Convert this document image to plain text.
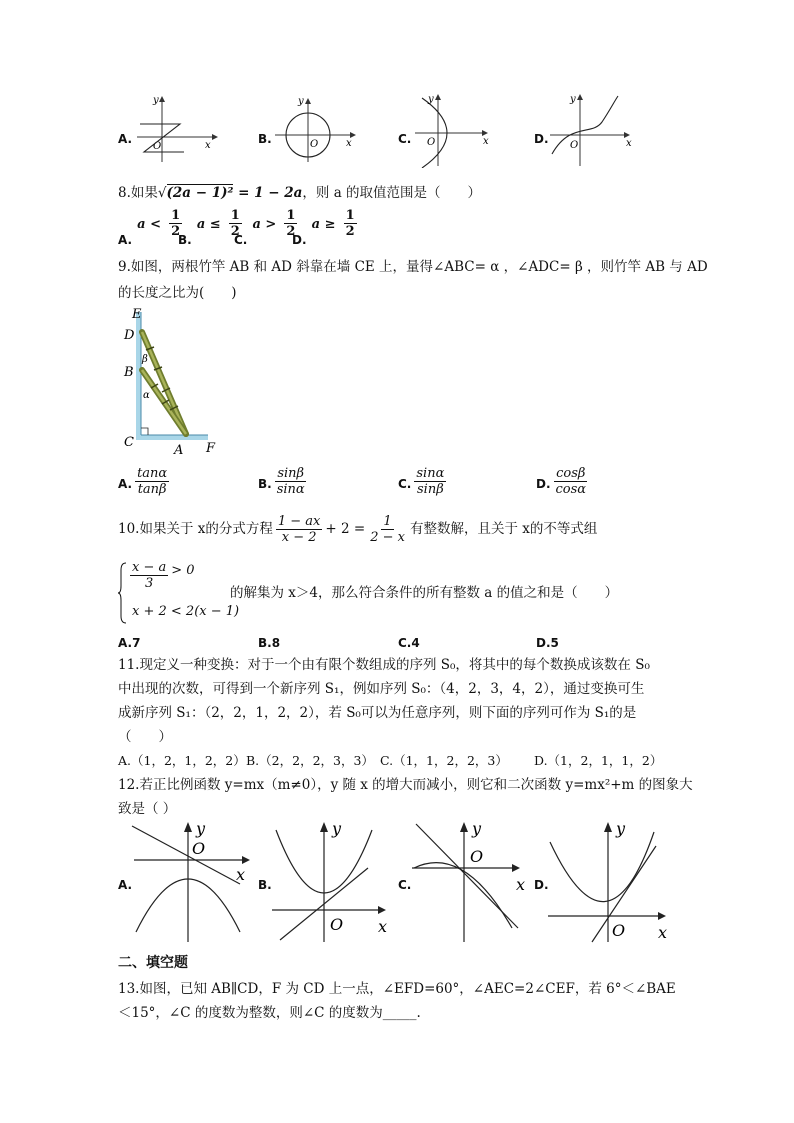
A.	x
y
O
B.	x
y
O	C.	x
y
O	D.	x
y
O
8.如果√(2a − 1)² = 1 − 2a，则 a 的取值范围是（　　）
$_{A.}$ $a < \frac{1}{2}$
$_{B.}$ $a \le \frac{1}{2}$
$_{C.}$ $a > \frac{1}{2}$
$_{D.}$ $a \ge \frac{1}{2}$
9.如图，两根竹竿 AB 和 AD 斜靠在墙 CE 上，量得∠ABC= α ，∠ADC= β ，则竹竿 AB 与 AD
的长度之比为(　　)
E
D
B
C
A F
β
α
A. $\frac{\tan\alpha}{\tan\beta}$	B. $\frac{\sin\beta}{\sin\alpha}$	C. $\frac{\sin\alpha}{\sin\beta}$	D. $\frac{\cos\beta}{\cos\alpha}$
10.如果关于 x的分式方程 $\frac{1 - ax}{x - 2} + 2 = \frac{1}{2 - x}$ 有整数解，且关于 x的不等式组
$\frac{x - a}{3} ^{> 0}$
x + 2 < 2(x − 1)
的解集为 x＞4，那么符合条件的所有整数 a 的值之和是（　　）
A.7	B.8	C.4	D.5
11.现定义一种变换：对于一个由有限个数组成的序列 S₀，将其中的每个数换成该数在 S₀
中出现的次数，可得到一个新序列 S₁，例如序列 S₀：（4，2，3，4，2），通过变换可生
成新序列 S₁：（2，2，1，2，2），若 S₀可以为任意序列，则下面的序列可作为 S₁的是
（　　）
A.（1，2，1，2，2） B.（2，2，2，3，3） C.（1，1，2，2，3） D.（1，2，1，1，2）
12.若正比例函数 y=mx（m≠0），y 随 x 的增大而减小，则它和二次函数 y=mx²+m 的图象大
致是（ ）
A.
y
O
x
B.
y
O x
C.
y
O
x D.
y
O x
二、填空题
13.如图，已知 AB∥CD，F 为 CD 上一点，∠EFD=60°，∠AEC=2∠CEF，若 6°＜∠BAE
＜15°，∠C 的度数为整数，则∠C 的度数为_____.
